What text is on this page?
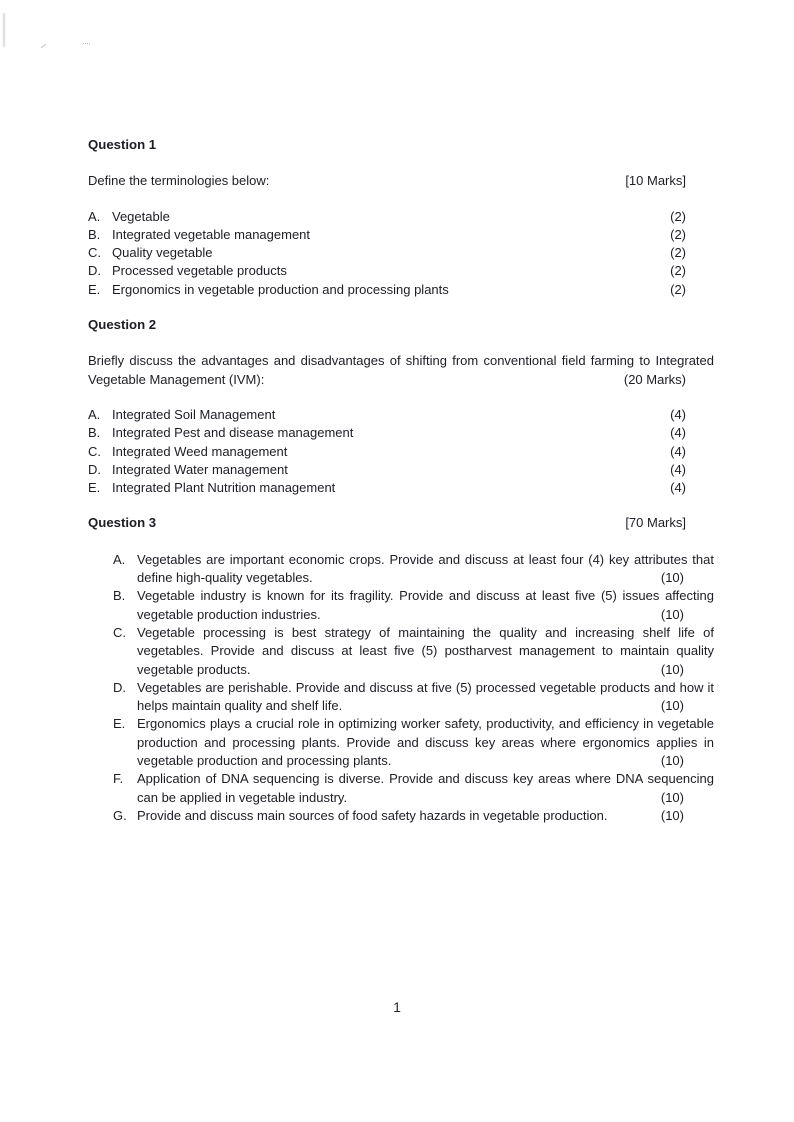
Question 1
Define the terminologies below:	[10 Marks]
A. Vegetable	(2)
B. Integrated vegetable management	(2)
C. Quality vegetable	(2)
D. Processed vegetable products	(2)
E. Ergonomics in vegetable production and processing plants	(2)
Question 2
Briefly discuss the advantages and disadvantages of shifting from conventional field farming to Integrated Vegetable Management (IVM):	(20 Marks)
A. Integrated Soil Management	(4)
B. Integrated Pest and disease management	(4)
C. Integrated Weed management	(4)
D. Integrated Water management	(4)
E. Integrated Plant Nutrition management	(4)
Question 3	[70 Marks]
A. Vegetables are important economic crops. Provide and discuss at least four (4) key attributes that define high-quality vegetables.	(10)
B. Vegetable industry is known for its fragility. Provide and discuss at least five (5) issues affecting vegetable production industries.	(10)
C. Vegetable processing is best strategy of maintaining the quality and increasing shelf life of vegetables. Provide and discuss at least five (5) postharvest management to maintain quality vegetable products.	(10)
D. Vegetables are perishable. Provide and discuss at five (5) processed vegetable products and how it helps maintain quality and shelf life.	(10)
E. Ergonomics plays a crucial role in optimizing worker safety, productivity, and efficiency in vegetable production and processing plants. Provide and discuss key areas where ergonomics applies in vegetable production and processing plants.	(10)
F.	Application of DNA sequencing is diverse. Provide and discuss key areas where DNA sequencing can be applied in vegetable industry.	(10)
G. Provide and discuss main sources of food safety hazards in vegetable production.	(10)
1
